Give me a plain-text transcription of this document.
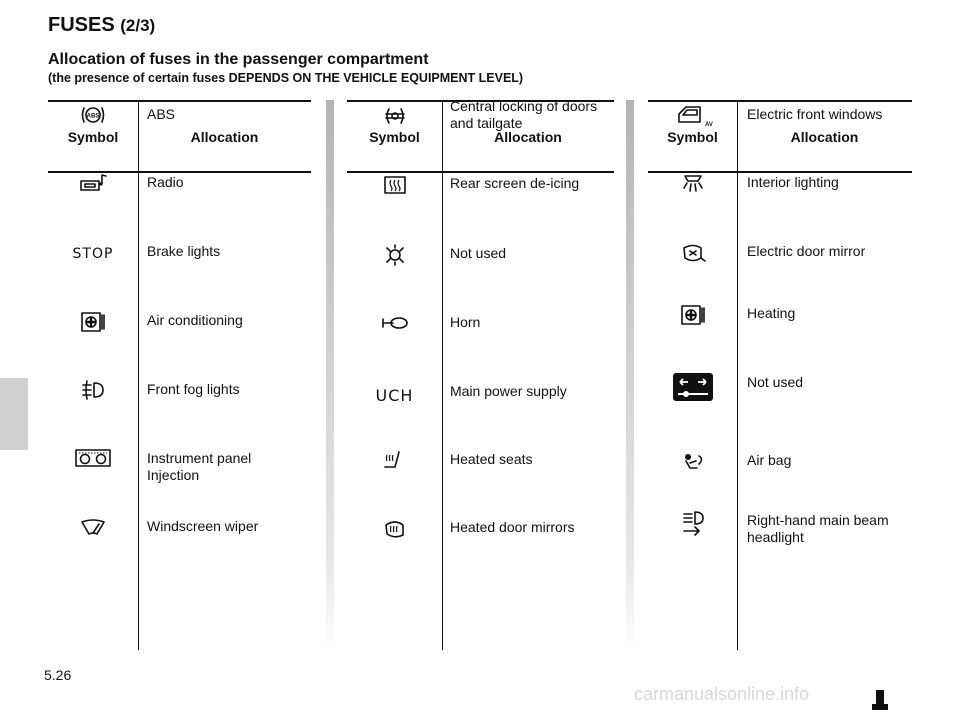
FUSES (2/3)
Allocation of fuses in the passenger compartment
(the presence of certain fuses DEPENDS ON THE VEHICLE EQUIPMENT LEVEL)
Symbol	Allocation
ABS	ABS
Radio
STOP	Brake lights
Air conditioning
Front fog lights
Instrument panel
Injection
Windscreen wiper
Symbol	Allocation
Central locking of doors
and tailgate
Rear screen de-icing
Not used
Horn
UCH	Main power supply
Heated seats
Heated door mirrors
Symbol	Allocation
AV
Electric front windows
Interior lighting
Electric door mirror
Heating
Not used
Air bag
Right-hand main beam
headlight
5.26
carmanualsonline.info
